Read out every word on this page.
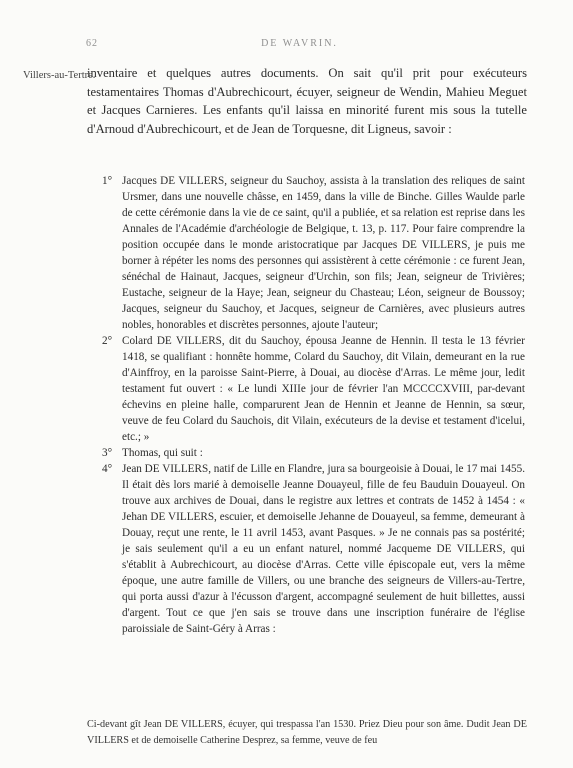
62	DE WAVRIN.
Villers-au-Tertre.
inventaire et quelques autres documents. On sait qu'il prit pour exécuteurs testamentaires Thomas d'Aubrechicourt, écuyer, seigneur de Wendin, Mahieu Meguet et Jacques Carnieres. Les enfants qu'il laissa en minorité furent mis sous la tutelle d'Arnoud d'Aubrechicourt, et de Jean de Torquesne, dit Ligneus, savoir :

1° Jacques DE VILLERS, seigneur du Sauchoy, assista à la translation des reliques de saint Ursmer, dans une nouvelle châsse, en 1459, dans la ville de Binche. Gilles Waulde parle de cette cérémonie dans la vie de ce saint, qu'il a publiée, et sa relation est reprise dans les Annales de l'Académie d'archéologie de Belgique, t. 13, p. 117. Pour faire comprendre la position occupée dans le monde aristocratique par Jacques DE VILLERS, je puis me borner à répéter les noms des personnes qui assistèrent à cette cérémonie : ce furent Jean, sénéchal de Hainaut, Jacques, seigneur d'Urchin, son fils; Jean, seigneur de Trivières; Eustache, seigneur de la Haye; Jean, seigneur du Chasteau; Léon, seigneur de Boussoy; Jacques, seigneur du Sauchoy, et Jacques, seigneur de Carnières, avec plusieurs autres nobles, honorables et discrètes personnes, ajoute l'auteur;

2° Colard DE VILLERS, dit du Sauchoy, épousa Jeanne de Hennin. Il testa le 13 février 1418, se qualifiant : honnête homme, Colard du Sauchoy, dit Vilain, demeurant en la rue d'Ainffroy, en la paroisse Saint-Pierre, à Douai, au diocèse d'Arras. Le même jour, ledit testament fut ouvert : « Le lundi XIIIe jour de février l'an MCCCCXVIII, par-devant échevins en pleine halle, comparurent Jean de Hennin et Jeanne de Hennin, sa sœur, veuve de feu Colard du Sauchois, dit Vilain, exécuteurs de la devise et testament d'icelui, etc.; »

3° Thomas, qui suit :

4° Jean DE VILLERS, natif de Lille en Flandre, jura sa bourgeoisie à Douai, le 17 mai 1455. Il était dès lors marié à demoiselle Jeanne Douayeul, fille de feu Bauduin Douayeul. On trouve aux archives de Douai, dans le registre aux lettres et contrats de 1452 à 1454 : « Jehan DE VILLERS, escuier, et demoiselle Jehanne de Douayeul, sa femme, demeurant à Douay, reçut une rente, le 11 avril 1453, avant Pasques. » Je ne connais pas sa postérité; je sais seulement qu'il a eu un enfant naturel, nommé Jacqueme DE VILLERS, qui s'établit à Aubrechicourt, au diocèse d'Arras. Cette ville épiscopale eut, vers la même époque, une autre famille de Villers, ou une branche des seigneurs de Villers-au-Tertre, qui porta aussi d'azur à l'écusson d'argent, accompagné seulement de huit billettes, aussi d'argent. Tout ce que j'en sais se trouve dans une inscription funéraire de l'église paroissiale de Saint-Géry à Arras :

Ci-devant gît Jean DE VILLERS, écuyer, qui trespassa l'an 1530. Priez Dieu pour son âme. Dudit Jean DE VILLERS et de demoiselle Catherine Desprez, sa femme, veuve de feu
